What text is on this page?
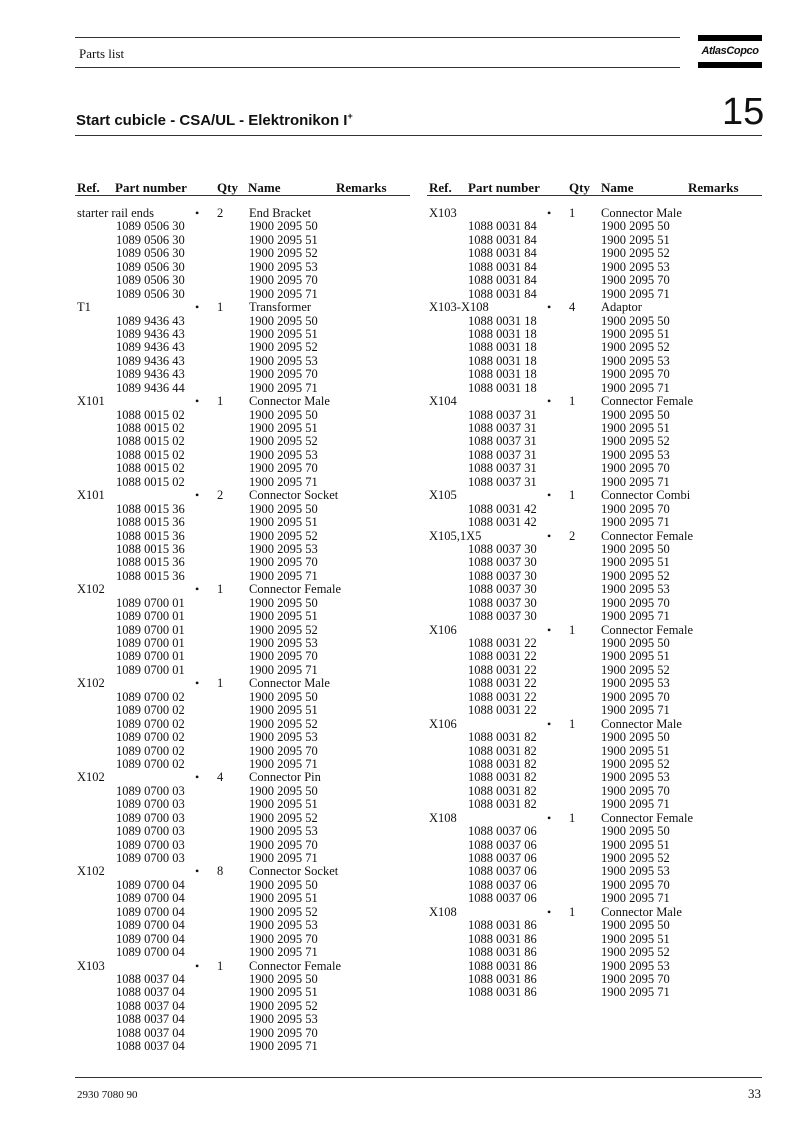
Parts list	AtlasCopco
Start cubicle - CSA/UL - Elektronikon I+	15
Ref. Part number Qty Name	Remarks	Ref. Part number Qty Name	Remarks
starter rail ends	• 2 End Bracket
1089 0506 30	1900 2095 50
1089 0506 30	1900 2095 51
1089 0506 30	1900 2095 52
1089 0506 30	1900 2095 53
1089 0506 30	1900 2095 70
1089 0506 30	1900 2095 71
T1	• 1 Transformer
1089 9436 43	1900 2095 50
1089 9436 43	1900 2095 51
1089 9436 43	1900 2095 52
1089 9436 43	1900 2095 53
1089 9436 43	1900 2095 70
1089 9436 44	1900 2095 71
X101	• 1 Connector Male
1088 0015 02	1900 2095 50
1088 0015 02	1900 2095 51
1088 0015 02	1900 2095 52
1088 0015 02	1900 2095 53
1088 0015 02	1900 2095 70
1088 0015 02	1900 2095 71
X101	• 2 Connector Socket
1088 0015 36	1900 2095 50
1088 0015 36	1900 2095 51
1088 0015 36	1900 2095 52
1088 0015 36	1900 2095 53
1088 0015 36	1900 2095 70
1088 0015 36	1900 2095 71
X102	• 1 Connector Female
1089 0700 01	1900 2095 50
1089 0700 01	1900 2095 51
1089 0700 01	1900 2095 52
1089 0700 01	1900 2095 53
1089 0700 01	1900 2095 70
1089 0700 01	1900 2095 71
X102	• 1 Connector Male
1089 0700 02	1900 2095 50
1089 0700 02	1900 2095 51
1089 0700 02	1900 2095 52
1089 0700 02	1900 2095 53
1089 0700 02	1900 2095 70
1089 0700 02	1900 2095 71
X102	• 4 Connector Pin
1089 0700 03	1900 2095 50
1089 0700 03	1900 2095 51
1089 0700 03	1900 2095 52
1089 0700 03	1900 2095 53
1089 0700 03	1900 2095 70
1089 0700 03	1900 2095 71
X102	• 8 Connector Socket
1089 0700 04	1900 2095 50
1089 0700 04	1900 2095 51
1089 0700 04	1900 2095 52
1089 0700 04	1900 2095 53
1089 0700 04	1900 2095 70
1089 0700 04	1900 2095 71
X103	• 1 Connector Female
1088 0037 04	1900 2095 50
1088 0037 04	1900 2095 51
1088 0037 04	1900 2095 52
1088 0037 04	1900 2095 53
1088 0037 04	1900 2095 70
1088 0037 04	1900 2095 71
X103	• 1 Connector Male
1088 0031 84	1900 2095 50
1088 0031 84	1900 2095 51
1088 0031 84	1900 2095 52
1088 0031 84	1900 2095 53
1088 0031 84	1900 2095 70
1088 0031 84	1900 2095 71
X103-X108	• 4 Adaptor
1088 0031 18	1900 2095 50
1088 0031 18	1900 2095 51
1088 0031 18	1900 2095 52
1088 0031 18	1900 2095 53
1088 0031 18	1900 2095 70
1088 0031 18	1900 2095 71
X104	• 1 Connector Female
1088 0037 31	1900 2095 50
1088 0037 31	1900 2095 51
1088 0037 31	1900 2095 52
1088 0037 31	1900 2095 53
1088 0037 31	1900 2095 70
1088 0037 31	1900 2095 71
X105	• 1 Connector Combi
1088 0031 42	1900 2095 70
1088 0031 42	1900 2095 71
X105,1X5	• 2 Connector Female
1088 0037 30	1900 2095 50
1088 0037 30	1900 2095 51
1088 0037 30	1900 2095 52
1088 0037 30	1900 2095 53
1088 0037 30	1900 2095 70
1088 0037 30	1900 2095 71
X106	• 1 Connector Female
1088 0031 22	1900 2095 50
1088 0031 22	1900 2095 51
1088 0031 22	1900 2095 52
1088 0031 22	1900 2095 53
1088 0031 22	1900 2095 70
1088 0031 22	1900 2095 71
X106	• 1 Connector Male
1088 0031 82	1900 2095 50
1088 0031 82	1900 2095 51
1088 0031 82	1900 2095 52
1088 0031 82	1900 2095 53
1088 0031 82	1900 2095 70
1088 0031 82	1900 2095 71
X108	• 1 Connector Female
1088 0037 06	1900 2095 50
1088 0037 06	1900 2095 51
1088 0037 06	1900 2095 52
1088 0037 06	1900 2095 53
1088 0037 06	1900 2095 70
1088 0037 06	1900 2095 71
X108	• 1 Connector Male
1088 0031 86	1900 2095 50
1088 0031 86	1900 2095 51
1088 0031 86	1900 2095 52
1088 0031 86	1900 2095 53
1088 0031 86	1900 2095 70
1088 0031 86	1900 2095 71
2930 7080 90	33
